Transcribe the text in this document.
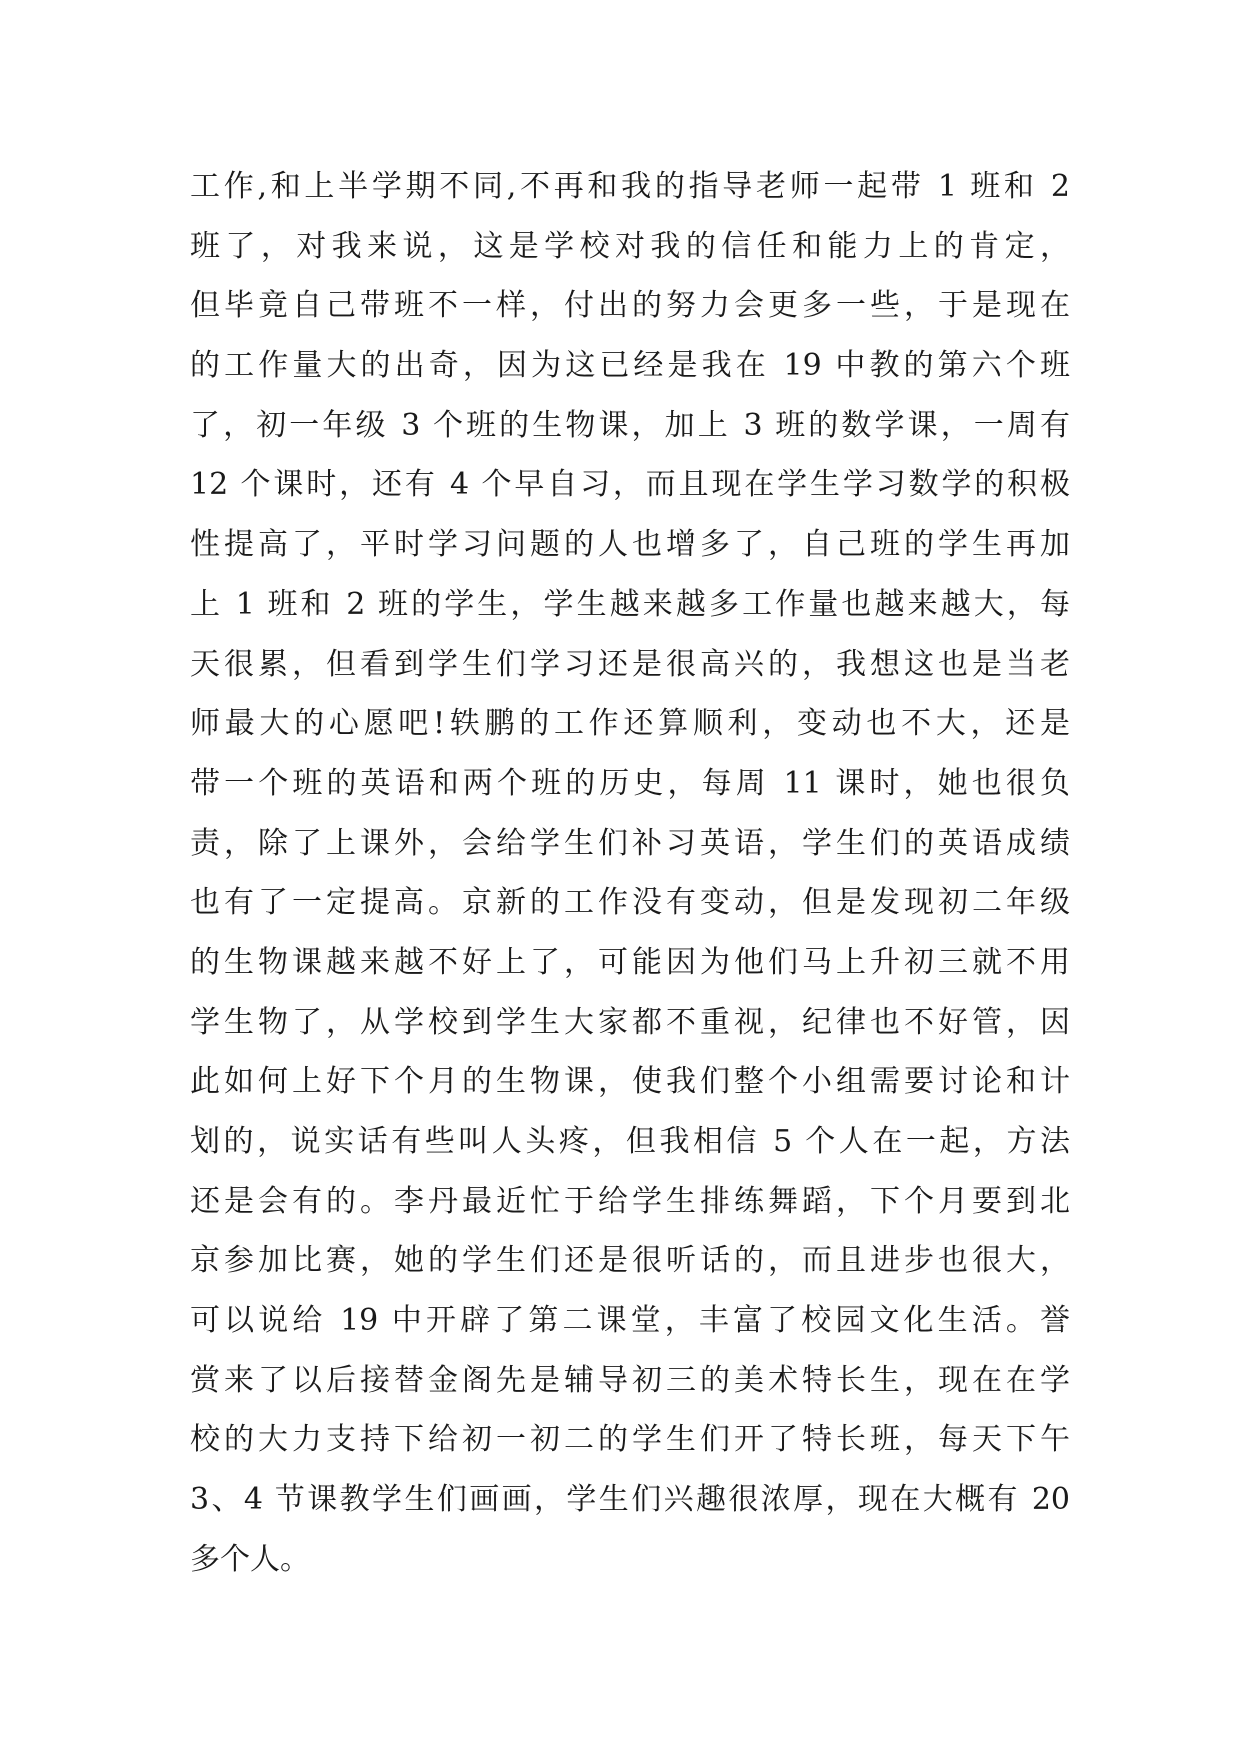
工作,和上半学期不同,不再和我的指导老师一起带 1 班和 2
班了，对我来说，这是学校对我的信任和能力上的肯定，
但毕竟自己带班不一样，付出的努力会更多一些，于是现在
的工作量大的出奇，因为这已经是我在 19 中教的第六个班
了，初一年级 3 个班的生物课，加上 3 班的数学课，一周有
12 个课时，还有 4 个早自习，而且现在学生学习数学的积极
性提高了，平时学习问题的人也增多了，自己班的学生再加
上 1 班和 2 班的学生，学生越来越多工作量也越来越大，每
天很累，但看到学生们学习还是很高兴的，我想这也是当老
师最大的心愿吧!轶鹏的工作还算顺利，变动也不大，还是
带一个班的英语和两个班的历史，每周 11 课时，她也很负
责，除了上课外，会给学生们补习英语，学生们的英语成绩
也有了一定提高。京新的工作没有变动，但是发现初二年级
的生物课越来越不好上了，可能因为他们马上升初三就不用
学生物了，从学校到学生大家都不重视，纪律也不好管，因
此如何上好下个月的生物课，使我们整个小组需要讨论和计
划的，说实话有些叫人头疼，但我相信 5 个人在一起，方法
还是会有的。李丹最近忙于给学生排练舞蹈，下个月要到北
京参加比赛，她的学生们还是很听话的，而且进步也很大，
可以说给 19 中开辟了第二课堂，丰富了校园文化生活。誉
赏来了以后接替金阁先是辅导初三的美术特长生，现在在学
校的大力支持下给初一初二的学生们开了特长班，每天下午
3、4 节课教学生们画画，学生们兴趣很浓厚，现在大概有 20
多个人。
